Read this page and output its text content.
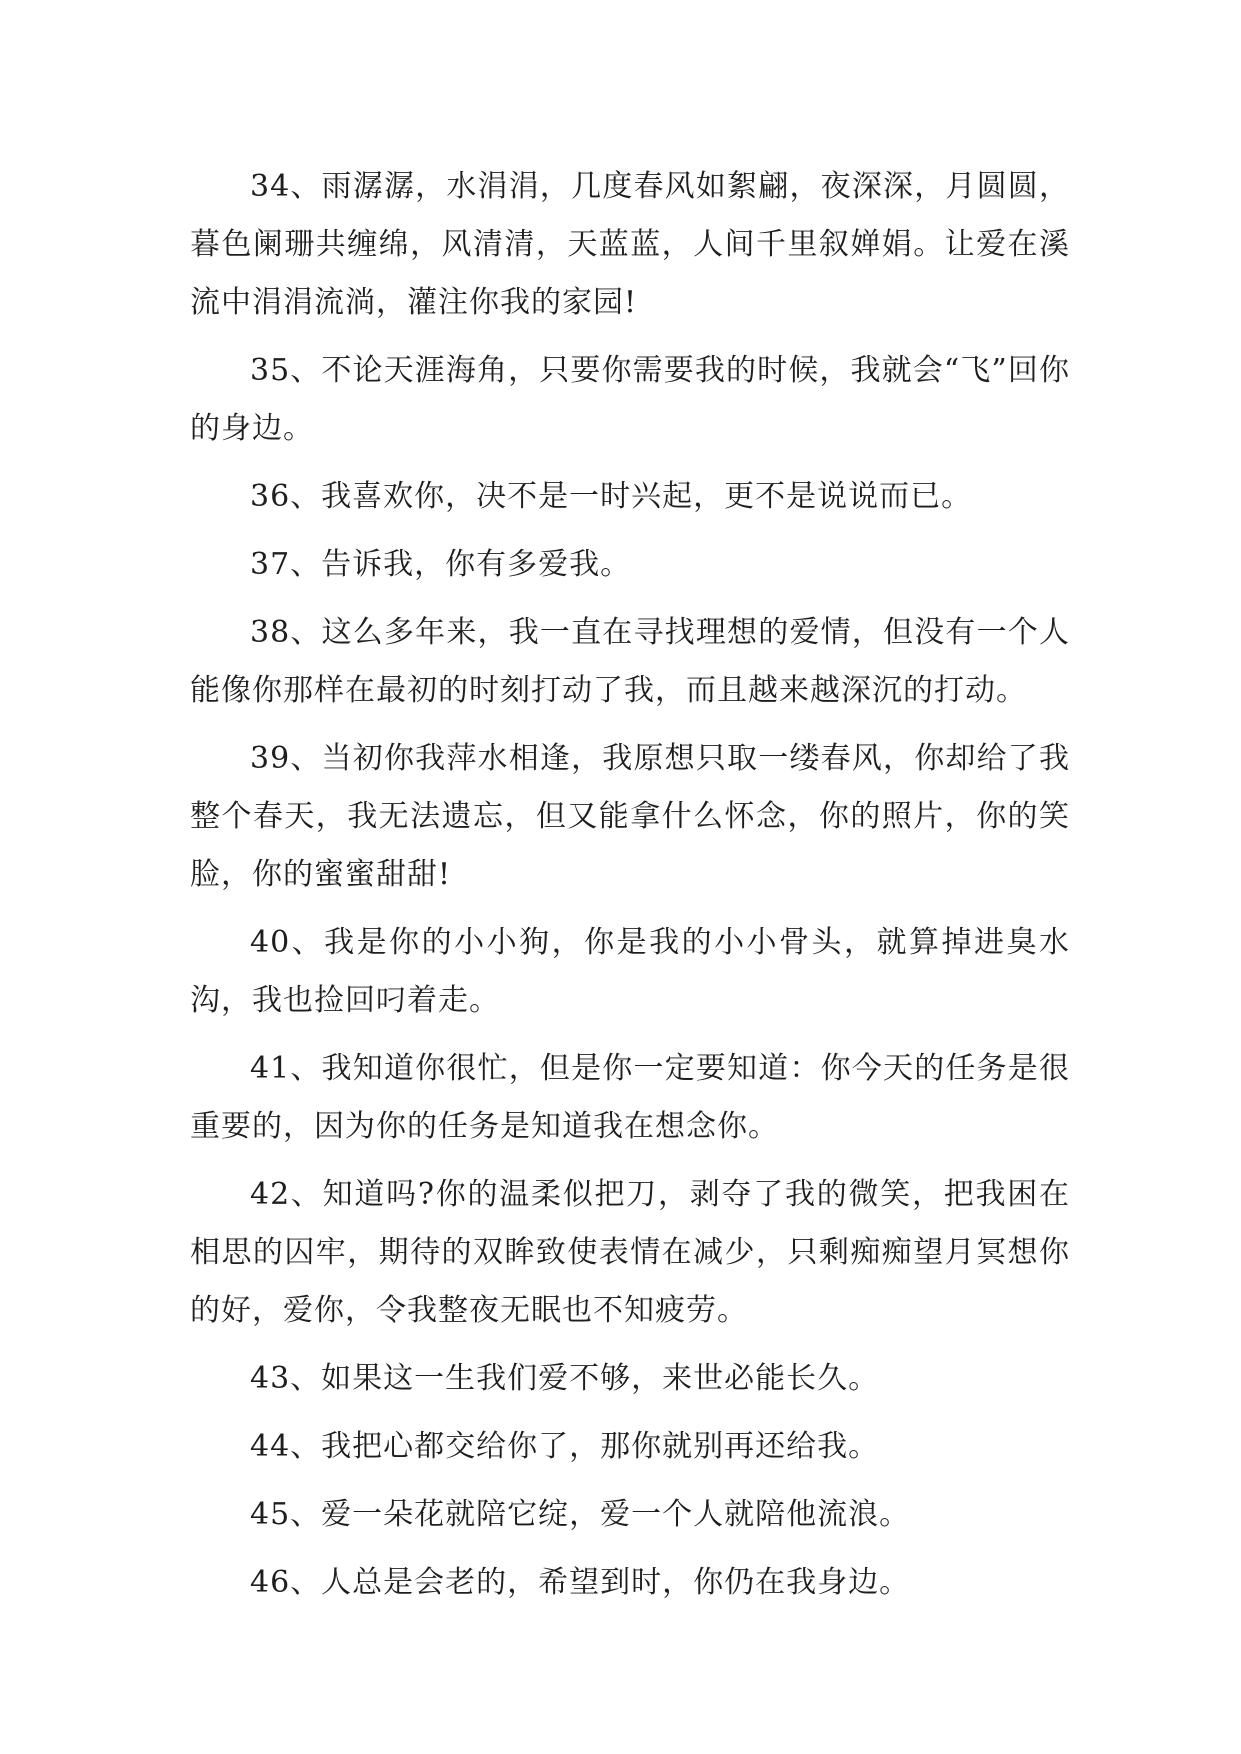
34、雨潺潺，水涓涓，几度春风如絮翩，夜深深，月圆圆，暮色阑珊共缠绵，风清清，天蓝蓝，人间千里叙婵娟。让爱在溪流中涓涓流淌，灌注你我的家园!

35、不论天涯海角，只要你需要我的时候，我就会“飞”回你的身边。

36、我喜欢你，决不是一时兴起，更不是说说而已。

37、告诉我，你有多爱我。

38、这么多年来，我一直在寻找理想的爱情，但没有一个人能像你那样在最初的时刻打动了我，而且越来越深沉的打动。

39、当初你我萍水相逢，我原想只取一缕春风，你却给了我整个春天，我无法遗忘，但又能拿什么怀念，你的照片，你的笑脸，你的蜜蜜甜甜!

40、我是你的小小狗，你是我的小小骨头，就算掉进臭水沟，我也捡回叼着走。

41、我知道你很忙，但是你一定要知道：你今天的任务是很重要的，因为你的任务是知道我在想念你。

42、知道吗?你的温柔似把刀，剥夺了我的微笑，把我困在相思的囚牢，期待的双眸致使表情在减少，只剩痴痴望月冥想你的好，爱你，令我整夜无眠也不知疲劳。

43、如果这一生我们爱不够，来世必能长久。

44、我把心都交给你了，那你就别再还给我。

45、爱一朵花就陪它绽，爱一个人就陪他流浪。

46、人总是会老的，希望到时，你仍在我身边。
